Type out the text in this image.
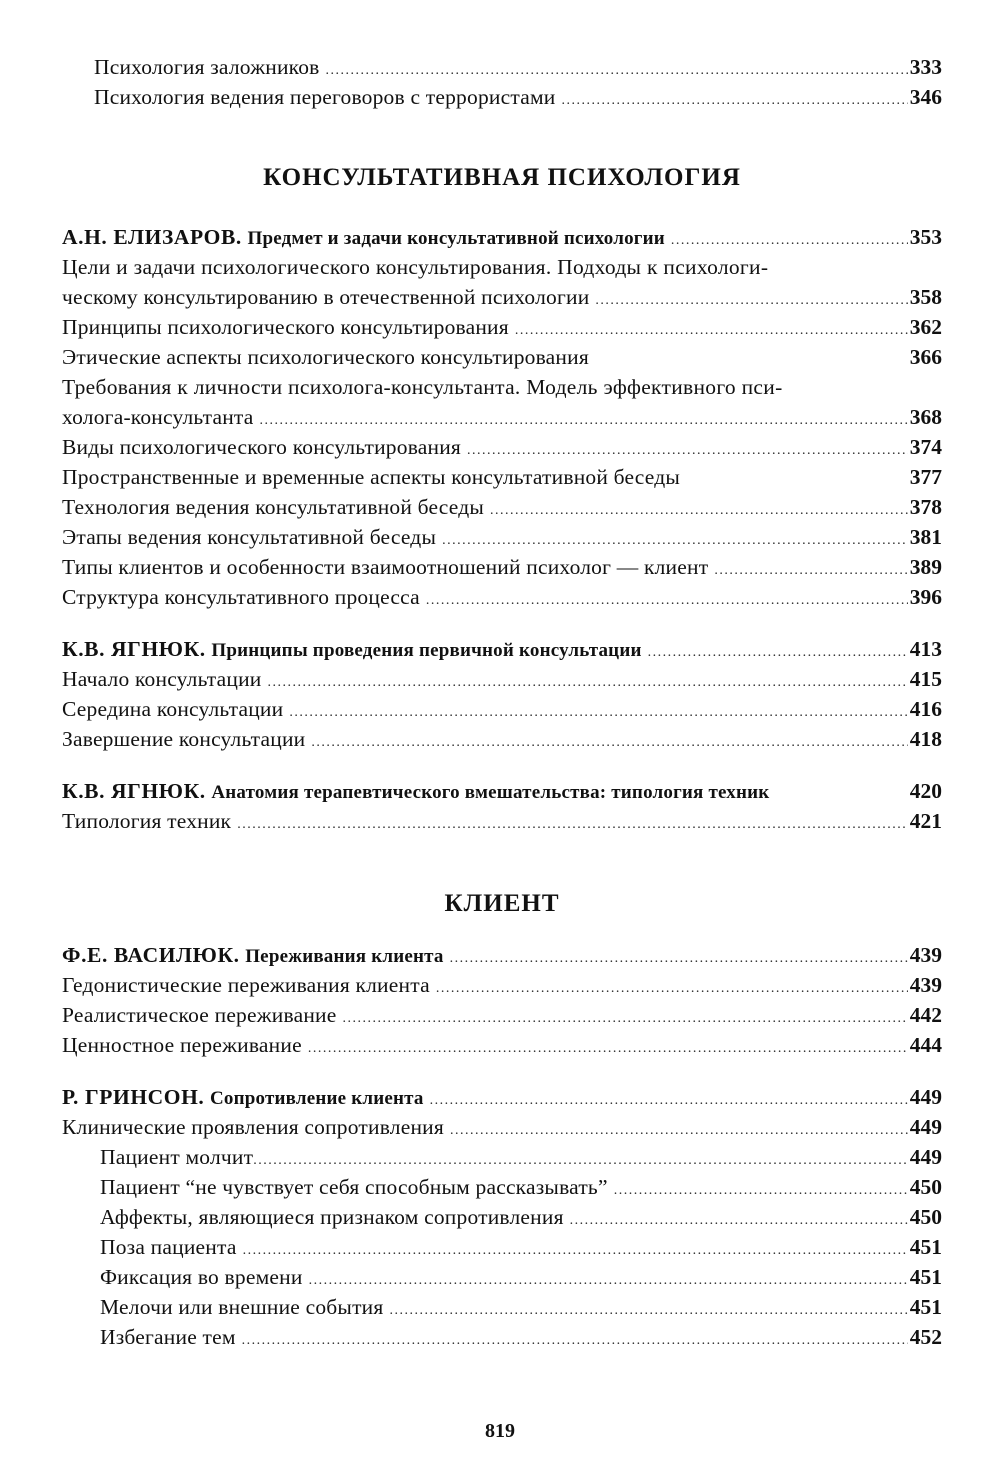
Психология заложников .....	333
Психология ведения переговоров с террористами .....	346
КОНСУЛЬТАТИВНАЯ ПСИХОЛОГИЯ
А.Н. ЕЛИЗАРОВ. Предмет и задачи консультативной психологии .....	353
Цели и задачи психологического консультирования. Подходы к психологи-
ческому консультированию в отечественной психологии .....	358
Принципы психологического консультирования .....	362
Этические аспекты психологического консультирования	366
Требования к личности психолога-консультанта. Модель эффективного пси-
холога-консультанта .....	368
Виды психологического консультирования .....	374
Пространственные и временные аспекты консультативной беседы	377
Технология ведения консультативной беседы .....	378
Этапы ведения консультативной беседы .....	381
Типы клиентов и особенности взаимоотношений психолог — клиент .....	389
Структура консультативного процесса .....	396
К.В. ЯГНЮК. Принципы проведения первичной консультации .....	413
Начало консультации .....	415
Середина консультации .....	416
Завершение консультации .....	418
К.В. ЯГНЮК. Анатомия терапевтического вмешательства: типология техник	420
Типология техник .....	421
КЛИЕНТ
Ф.Е. ВАСИЛЮК. Переживания клиента .....	439
Гедонистические переживания клиента .....	439
Реалистическое переживание .....	442
Ценностное переживание .....	444
Р. ГРИНСОН. Сопротивление клиента .....	449
Клинические проявления сопротивления .....	449
Пациент молчит .....	449
Пациент “не чувствует себя способным рассказывать” .....	450
Аффекты, являющиеся признаком сопротивления .....	450
Поза пациента .....	451
Фиксация во времени .....	451
Мелочи или внешние события .....	451
Избегание тем .....	452
819
